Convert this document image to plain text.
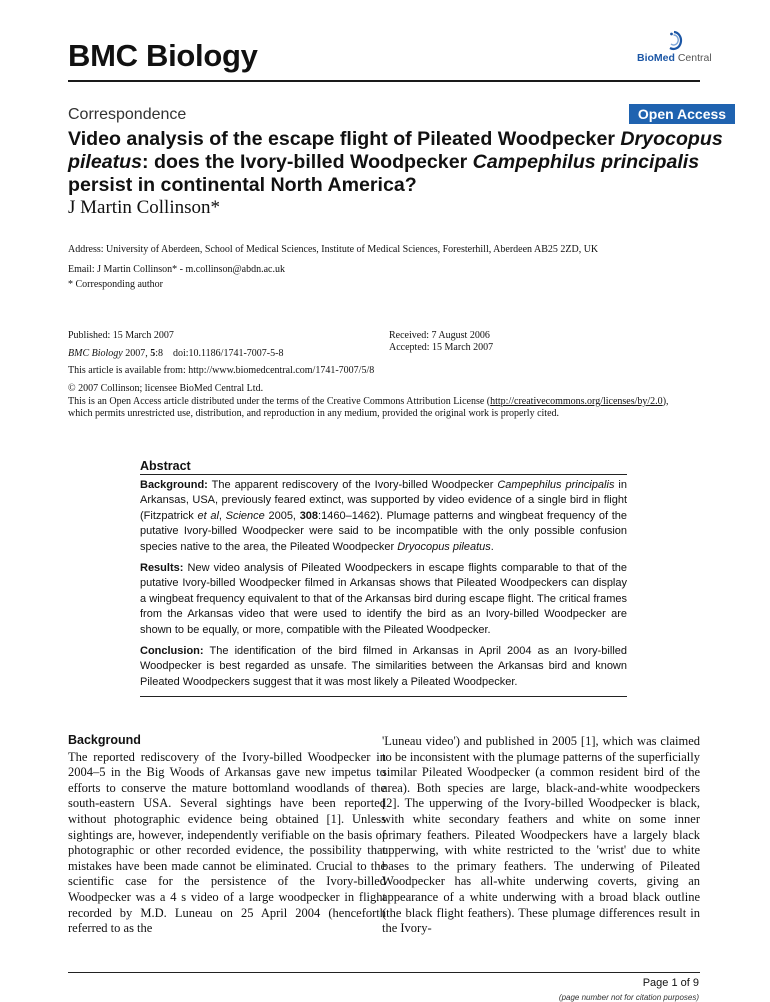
BMC Biology	BioMed Central
Correspondence	Open Access
Video analysis of the escape flight of Pileated Woodpecker Dryocopus pileatus: does the Ivory-billed Woodpecker Campephilus principalis persist in continental North America?
J Martin Collinson*
Address: University of Aberdeen, School of Medical Sciences, Institute of Medical Sciences, Foresterhill, Aberdeen AB25 2ZD, UK
Email: J Martin Collinson* - m.collinson@abdn.ac.uk
* Corresponding author
Published: 15 March 2007
BMC Biology 2007, 5:8    doi:10.1186/1741-7007-5-8
Received: 7 August 2006
Accepted: 15 March 2007
This article is available from: http://www.biomedcentral.com/1741-7007/5/8
© 2007 Collinson; licensee BioMed Central Ltd.
This is an Open Access article distributed under the terms of the Creative Commons Attribution License (http://creativecommons.org/licenses/by/2.0),
which permits unrestricted use, distribution, and reproduction in any medium, provided the original work is properly cited.
Abstract

Background: The apparent rediscovery of the Ivory-billed Woodpecker Campephilus principalis in Arkansas, USA, previously feared extinct, was supported by video evidence of a single bird in flight (Fitzpatrick et al, Science 2005, 308:1460–1462). Plumage patterns and wingbeat frequency of the putative Ivory-billed Woodpecker were said to be incompatible with the only possible confusion species native to the area, the Pileated Woodpecker Dryocopus pileatus.

Results: New video analysis of Pileated Woodpeckers in escape flights comparable to that of the putative Ivory-billed Woodpecker filmed in Arkansas shows that Pileated Woodpeckers can display a wingbeat frequency equivalent to that of the Arkansas bird during escape flight. The critical frames from the Arkansas video that were used to identify the bird as an Ivory-billed Woodpecker are shown to be equally, or more, compatible with the Pileated Woodpecker.

Conclusion: The identification of the bird filmed in Arkansas in April 2004 as an Ivory-billed Woodpecker is best regarded as unsafe. The similarities between the Arkansas bird and known Pileated Woodpeckers suggest that it was most likely a Pileated Woodpecker.

Background
The reported rediscovery of the Ivory-billed Woodpecker in 2004–5 in the Big Woods of Arkansas gave new impetus to efforts to conserve the mature bottomland woodlands of the south-eastern USA. Several sightings have been reported without photographic evidence being obtained [1]. Unless sightings are, however, independently verifiable on the basis of photographic or other recorded evidence, the possibility that mistakes have been made cannot be eliminated. Crucial to the scientific case for the persistence of the Ivory-billed Woodpecker was a 4 s video of a large woodpecker in flight recorded by M.D. Luneau on 25 April 2004 (henceforth referred to as the
'Luneau video') and published in 2005 [1], which was claimed to be inconsistent with the plumage patterns of the superficially similar Pileated Woodpecker (a common resident bird of the area). Both species are large, black-and-white woodpeckers [2]. The upperwing of the Ivory-billed Woodpecker is black, with white secondary feathers and white on some inner primary feathers. Pileated Woodpeckers have a largely black upperwing, with white restricted to the 'wrist' due to white bases to the primary feathers. The underwing of Pileated Woodpecker has all-white underwing coverts, giving an appearance of a white underwing with a broad black outline (the black flight feathers). These plumage differences result in the Ivory-
Page 1 of 9
(page number not for citation purposes)
